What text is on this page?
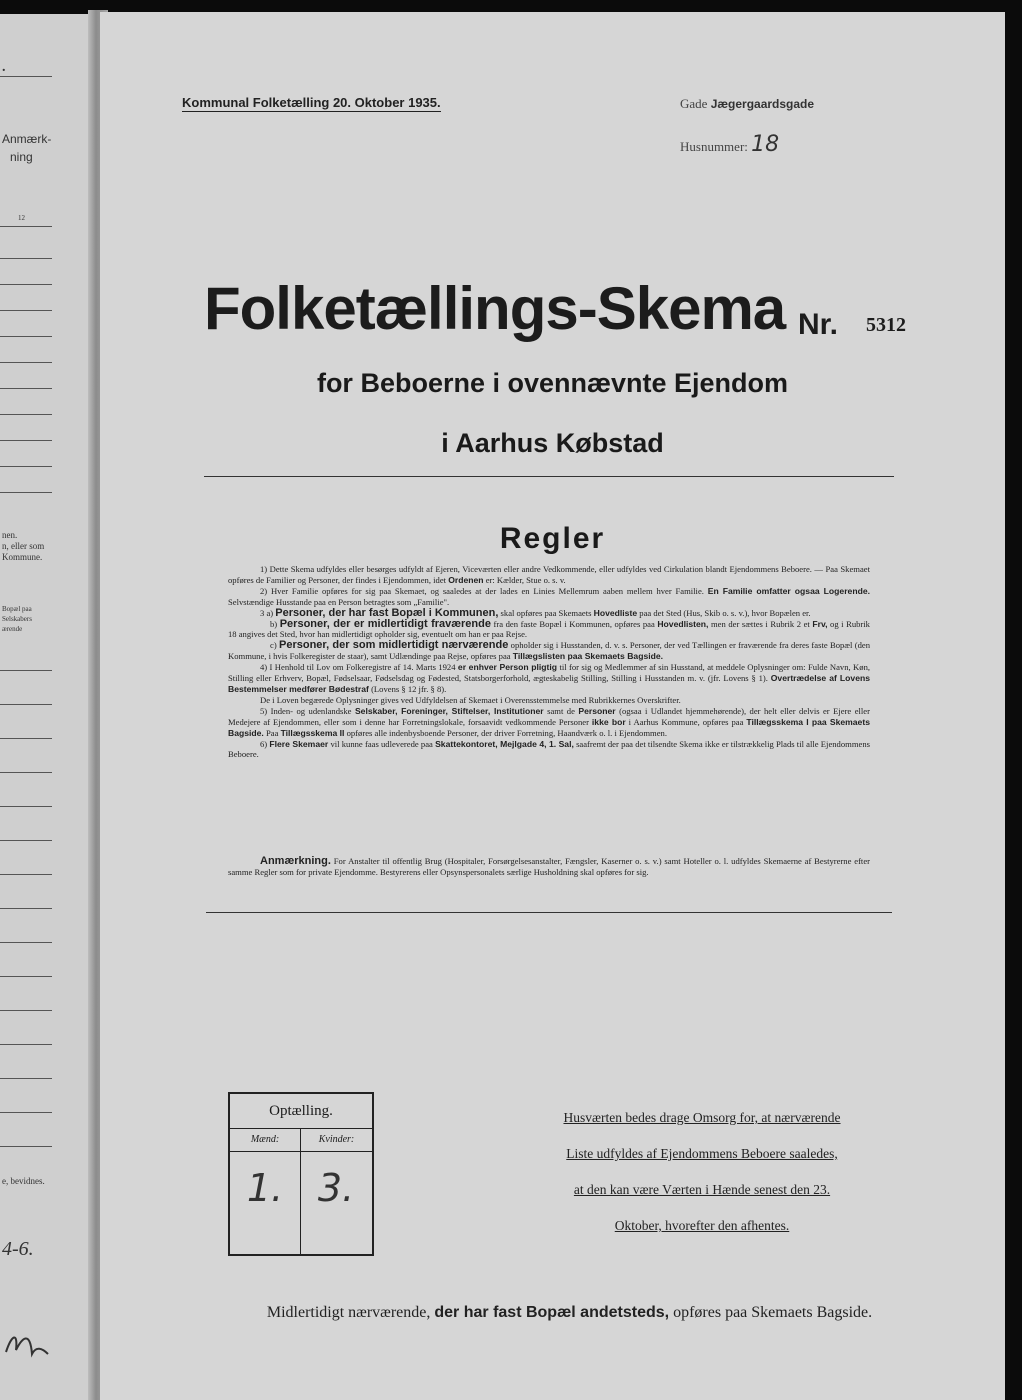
.
Anmærk-
ning
12
nen.
n, eller som
Kommune.
Bopæl paa
Selskabers
ærende
e, bevidnes.
4-6.
Kommunal Folketælling 20. Oktober 1935.	Gade Jægergaardsgade
Husnummer: 18
Folketællings-Skema Nr. 5312
for Beboerne i ovennævnte Ejendom
i Aarhus Købstad
Regler

1) Dette Skema udfyldes eller besørges udfyldt af Ejeren, Viceværten eller andre Vedkommende, eller udfyldes ved Cirkulation blandt Ejendommens Beboere. — Paa Skemaet opføres de Familier og Personer, der findes i Ejendommen, idet Ordenen er: Kælder, Stue o. s. v.

2) Hver Familie opføres for sig paa Skemaet, og saaledes at der lades en Linies Mellemrum aaben mellem hver Familie. En Familie omfatter ogsaa Logerende. Selvstændige Husstande paa en Person betragtes som „Familie".

3 a) Personer, der har fast Bopæl i Kommunen, skal opføres paa Skemaets Hovedliste paa det Sted (Hus, Skib o. s. v.), hvor Bopælen er.

b) Personer, der er midlertidigt fraværende fra den faste Bopæl i Kommunen, opføres paa Hovedlisten, men der sættes i Rubrik 2 et Frv, og i Rubrik 18 angives det Sted, hvor han midlertidigt opholder sig, eventuelt om han er paa Rejse.

c) Personer, der som midlertidigt nærværende opholder sig i Husstanden, d. v. s. Personer, der ved Tællingen er fraværende fra deres faste Bopæl (den Kommune, i hvis Folkeregister de staar), samt Udlændinge paa Rejse, opføres paa Tillægslisten paa Skemaets Bagside.

4) I Henhold til Lov om Folkeregistre af 14. Marts 1924 er enhver Person pligtig til for sig og Medlemmer af sin Husstand, at meddele Oplysninger om: Fulde Navn, Køn, Stilling eller Erhverv, Bopæl, Fødselsaar, Fødselsdag og Fødested, Statsborgerforhold, ægteskabelig Stilling, Stilling i Husstanden m. v. (jfr. Lovens § 1). Overtrædelse af Lovens Bestemmelser medfører Bødestraf (Lovens § 12 jfr. § 8).

De i Loven begærede Oplysninger gives ved Udfyldelsen af Skemaet i Overensstemmelse med Rubrikkernes Overskrifter.

5) Inden- og udenlandske Selskaber, Foreninger, Stiftelser, Institutioner samt de Personer (ogsaa i Udlandet hjemmehørende), der helt eller delvis er Ejere eller Medejere af Ejendommen, eller som i denne har Forretningslokale, forsaavidt vedkommende Personer ikke bor i Aarhus Kommune, opføres paa Tillægsskema I paa Skemaets Bagside. Paa Tillægsskema II opføres alle indenbysboende Personer, der driver Forretning, Haandværk o. l. i Ejendommen.

6) Flere Skemaer vil kunne faas udleverede paa Skattekontoret, Mejlgade 4, 1. Sal, saafremt der paa det tilsendte Skema ikke er tilstrækkelig Plads til alle Ejendommens Beboere.

Anmærkning. For Anstalter til offentlig Brug (Hospitaler, Forsørgelsesanstalter, Fængsler, Kaserner o. s. v.) samt Hoteller o. l. udfyldes Skemaerne af Bestyrerne efter samme Regler som for private Ejendomme. Bestyrerens eller Opsynspersonalets særlige Husholdning skal opføres for sig.

Optælling.
Mænd:	Kvinder:
1. 3.
Husværten bedes drage Omsorg for, at nærværende
Liste udfyldes af Ejendommens Beboere saaledes,
at den kan være Værten i Hænde senest den 23.
Oktober, hvorefter den afhentes.
Midlertidigt nærværende, der har fast Bopæl andetsteds, opføres paa Skemaets Bagside.
